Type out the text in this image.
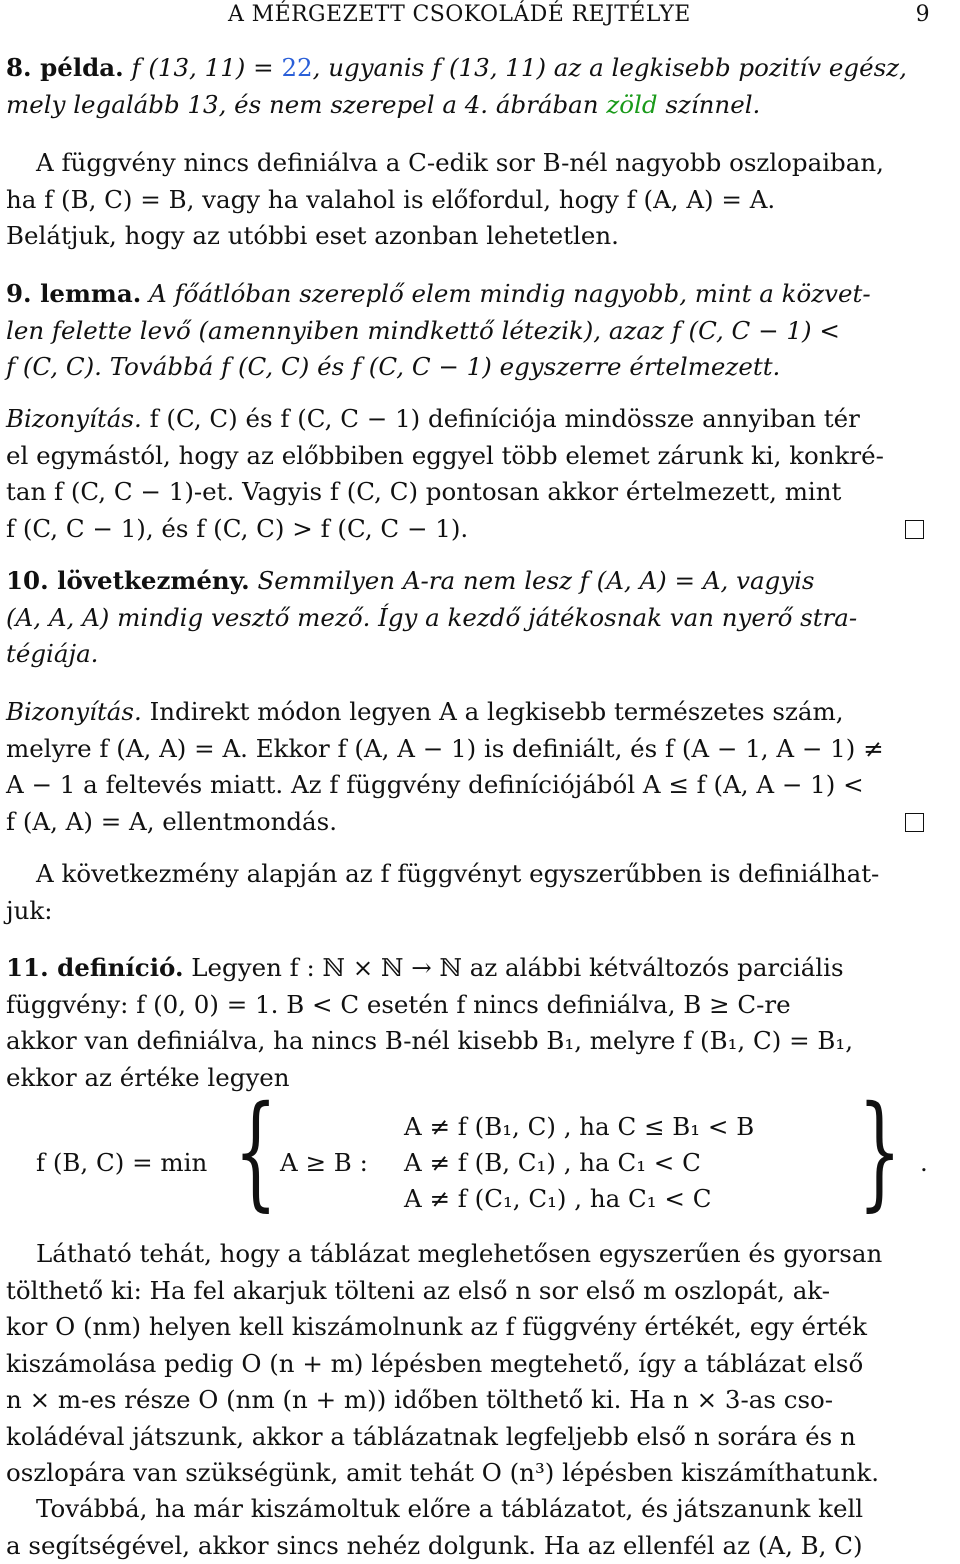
A MÉRGEZETT CSOKOLÁDÉ REJTÉLYE	9
8. példa. f (13, 11) = 22, ugyanis f (13, 11) az a legkisebb pozitív egész,
mely legalább 13, és nem szerepel a 4. ábrában zöld színnel.
A függvény nincs definiálva a C-edik sor B-nél nagyobb oszlopaiban,
ha f (B, C) = B, vagy ha valahol is előfordul, hogy f (A, A) = A.
Belátjuk, hogy az utóbbi eset azonban lehetetlen.
9. lemma. A főátlóban szereplő elem mindig nagyobb, mint a közvet-
len felette levő (amennyiben mindkettő létezik), azaz f (C, C − 1) <
f (C, C). Továbbá f (C, C) és f (C, C − 1) egyszerre értelmezett.
Bizonyítás. f (C, C) és f (C, C − 1) definíciója mindössze annyiban tér
el egymástól, hogy az előbbiben eggyel több elemet zárunk ki, konkré-
tan f (C, C − 1)-et. Vagyis f (C, C) pontosan akkor értelmezett, mint
f (C, C − 1), és f (C, C) > f (C, C − 1).
10. lövetkezmény. Semmilyen A-ra nem lesz f (A, A) = A, vagyis
(A, A, A) mindig vesztő mező. Így a kezdő játékosnak van nyerő stra-
tégiája.
Bizonyítás. Indirekt módon legyen A a legkisebb természetes szám,
melyre f (A, A) = A. Ekkor f (A, A − 1) is definiált, és f (A − 1, A − 1) ≠
A − 1 a feltevés miatt. Az f függvény definíciójából A ≤ f (A, A − 1) <
f (A, A) = A, ellentmondás.
A következmény alapján az f függvényt egyszerűbben is definiálhat-
juk:
11. definíció. Legyen f : ℕ × ℕ → ℕ az alábbi kétváltozós parciális
függvény: f (0, 0) = 1. B < C esetén f nincs definiálva, B ≥ C-re
akkor van definiálva, ha nincs B-nél kisebb B₁, melyre f (B₁, C) = B₁,
ekkor az értéke legyen
f (B, C) = min { A ≥ B :
A ≠ f (B₁, C) , ha C ≤ B₁ < B
A ≠ f (B, C₁) , ha C₁ < C
A ≠ f (C₁, C₁) , ha C₁ < C } .
Látható tehát, hogy a táblázat meglehetősen egyszerűen és gyorsan
tölthető ki: Ha fel akarjuk tölteni az első n sor első m oszlopát, ak-
kor O (nm) helyen kell kiszámolnunk az f függvény értékét, egy érték
kiszámolása pedig O (n + m) lépésben megtehető, így a táblázat első
n × m-es része O (nm (n + m)) időben tölthető ki. Ha n × 3-as cso-
koládéval játszunk, akkor a táblázatnak legfeljebb első n sorára és n
oszlopára van szükségünk, amit tehát O (n³) lépésben kiszámíthatunk.
Továbbá, ha már kiszámoltuk előre a táblázatot, és játszanunk kell
a segítségével, akkor sincs nehéz dolgunk. Ha az ellenfél az (A, B, C)
